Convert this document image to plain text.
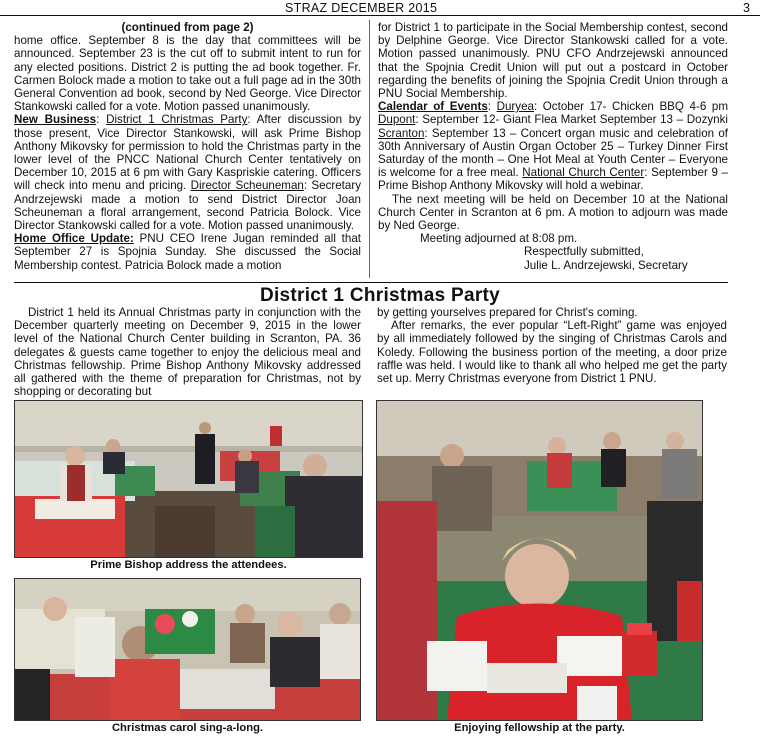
STRAZ DECEMBER 2015	3

(continued from page 2)

home office. September 8 is the day that committees will be announced. September 23 is the cut off to submit intent to run for any elected positions. District 2 is putting the ad book together. Fr. Carmen Bolock made a motion to take out a full page ad in the 30th General Convention ad book, second by Ned George. Vice Director Stankowski called for a vote. Motion passed unanimously.

New Business: District 1 Christmas Party: After discussion by those present, Vice Director Stankowski, will ask Prime Bishop Anthony Mikovsky for permission to hold the Christmas party in the lower level of the PNCC National Church Center tentatively on December 10, 2015 at 6 pm with Gary Kaspriskie catering. Officers will check into menu and pricing. Director Scheuneman: Secretary Andrzejewski made a motion to send District Director Joan Scheuneman a floral arrangement, second Patricia Bolock. Vice Director Stankowski called for a vote. Motion passed unanimously.

Home Office Update: PNU CEO Irene Jugan reminded all that September 27 is Spojnia Sunday. She discussed the Social Membership contest. Patricia Bolock made a motion

for District 1 to participate in the Social Membership contest, second by Delphine George. Vice Director Stankowski called for a vote. Motion passed unanimously. PNU CFO Andrzejewski announced that the Spojnia Credit Union will put out a postcard in October regarding the benefits of joining the Spojnia Credit Union through a PNU Social Membership.

Calendar of Events: Duryea: October 17- Chicken BBQ 4-6 pm Dupont: September 12- Giant Flea Market September 13 – Dozynki Scranton: September 13 – Concert organ music and celebration of 30th Anniversary of Austin Organ October 25 – Turkey Dinner First Saturday of the month – One Hot Meal at Youth Center – Everyone is welcome for a free meal. National Church Center: September 9 – Prime Bishop Anthony Mikovsky will hold a webinar.

The next meeting will be held on December 10 at the National Church Center in Scranton at 6 pm. A motion to adjourn was made by Ned George.

Meeting adjourned at 8:08 pm.

Respectfully submitted,

Julie L. Andrzejewski, Secretary

District 1 Christmas Party

District 1 held its Annual Christmas party in conjunction with the December quarterly meeting on December 9, 2015 in the lower level of the National Church Center building in Scranton, PA. 36 delegates & guests came together to enjoy the delicious meal and Christmas fellowship. Prime Bishop Anthony Mikovsky addressed all gathered with the theme of preparation for Christmas, not by shopping or decorating but

by getting yourselves prepared for Christ's coming.

After remarks, the ever popular “Left-Right” game was enjoyed by all immediately followed by the singing of Christmas Carols and Koledy. Following the business portion of the meeting, a door prize raffle was held. I would like to thank all who helped me get the party set up. Merry Christmas everyone from District 1 PNU.

Prime Bishop address the attendees.
Christmas carol sing-a-long.	Enjoying fellowship at the party.
